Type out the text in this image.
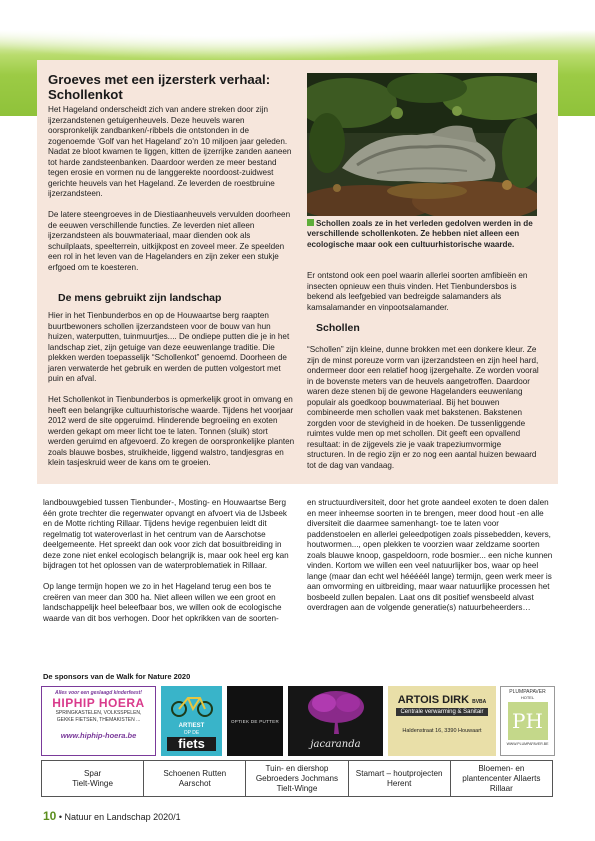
Groeves met een ijzersterk verhaal:
Schollenkot

Het Hageland onderscheidt zich van andere streken door zijn ijzerzandstenen getuigenheuvels. Deze heuvels waren oorspronkelijk zandbanken/-ribbels die ontstonden in de zogenoemde ‘Golf van het Hageland’ zo’n 10 miljoen jaar geleden. Nadat ze bloot kwamen te liggen, kitten de ijzerrijke zanden aaneen tot harde zandsteenbanken. Daardoor werden ze meer bestand tegen erosie en vormen nu de langgerekte noordoost-zuidwest gerichte heuvels van het Hageland. Ze leverden de roestbruine ijzerzandsteen.

De latere steengroeves in de Diestiaanheuvels vervulden doorheen de eeuwen verschillende functies. Ze leverden niet alleen ijzerzandsteen als bouwmateriaal, maar dienden ook als schuilplaats, speelterrein, uitkijkpost en zoveel meer. Ze speelden een rol in het leven van de Hagelanders en zijn zeker een stukje erfgoed om te koesteren.

De mens gebruikt zijn landschap

Hier in het Tienbunderbos en op de Houwaartse berg raapten buurtbewoners schollen ijzerzandsteen voor de bouw van hun huizen, waterputten, tuinmuurtjes.... De ondiepe putten die je in het landschap ziet, zijn getuige van deze eeuwenlange traditie. Die plekken werden toepasselijk “Schollenkot” genoemd. Doorheen de jaren verwaterde het gebruik en werden de putten volgestort met puin en afval.

Het Schollenkot in Tienbunderbos is opmerkelijk groot in omvang en heeft een belangrijke cultuurhistorische waarde. Tijdens het voorjaar 2012 werd de site opgeruimd. Hinderende begroeiing en exoten werden gekapt om meer licht toe te laten. Tonnen (sluik) stort werden geruimd en afgevoerd. Zo kregen de oorspronkelijke planten zoals blauwe bosbes, struikheide, liggend walstro, tandjesgras en klein tasjeskruid weer de kans om te groeien.

Schollen zoals ze in het verleden gedolven werden in de verschillende schollenkoten. Ze hebben niet alleen een ecologische maar ook een cultuurhistorische waarde.

Er ontstond ook een poel waarin allerlei soorten amfibieën en insecten opnieuw een thuis vinden. Het Tienbundersbos is bekend als leefgebied van bedreigde salamanders als kamsalamander en vinpootsalamander.

Schollen

“Schollen” zijn kleine, dunne brokken met een donkere kleur. Ze zijn de minst poreuze vorm van ijzerzandsteen en zijn heel hard, ondermeer door een relatief hoog ijzergehalte. Ze worden vooral in de bovenste meters van de heuvels aangetroffen. Daardoor waren deze stenen bij de gewone Hagelanders eeuwenlang populair als goedkoop bouwmateriaal. Bij het bouwen combineerde men schollen vaak met bakstenen. Bakstenen zorgden voor de stevigheid in de hoeken. De tussenliggende ruimtes vulde men op met schollen. Dit geeft een opvallend resultaat: in de zijgevels zie je vaak trapeziumvormige structuren. In de regio zijn er zo nog een aantal huizen bewaard tot de dag van vandaag.

landbouwgebied tussen Tienbunder-, Mosting- en Houwaartse Berg één grote trechter die regenwater opvangt en afvoert via de IJsbeek en de Motte richting Rillaar. Tijdens hevige regenbuien leidt dit regelmatig tot wateroverlast in het centrum van de Aarschotse deelgemeente. Het spreekt dan ook voor zich dat bosuitbreiding in deze zone niet enkel ecologisch belangrijk is, maar ook heel erg kan bijdragen tot het oplossen van de waterproblematiek in Rillaar.

Op lange termijn hopen we zo in het Hageland terug een bos te creëren van meer dan 300 ha. Niet alleen willen we een groot en landschappelijk heel beleefbaar bos, we willen ook de ecologische waarde van dit bos verhogen. Door het opkrikken van de soorten-

en structuurdiversiteit, door het grote aandeel exoten te doen dalen en meer inheemse soorten in te brengen, meer dood hout -en alle diversiteit die daarmee samenhangt- toe te laten voor paddenstoelen en allerlei geleedpotigen zoals pissebedden, kevers, houtwormen..., open plekken te voorzien waar zeldzame soorten zoals blauwe knoop, gaspeldoorn, rode bosmier... een niche kunnen vinden. Kortom we willen een veel natuurlijker bos, waar op heel lange (maar dan echt wel hééééél lange) termijn, geen werk meer is aan omvorming en uitbreiding, maar waar natuurlijke processen het bosbeeld zullen bepalen. Laat ons dit positief wensbeeld alvast overdragen aan de volgende generatie(s) natuurbeheerders…

De sponsors van de Walk for Nature 2020
Alles voor een geslaagd kinderfeest!
HIPHIP HOERA
SPRINGKASTELEN, VOLKSSPELEN,
GEKKE FIETSEN, THEMAKISTEN ...
www.hiphip-hoera.be
ARTIEST
OP DE
fiets
OPTIEK DE PUTTER
jacaranda
ARTOIS DIRK BVBA
Centrale verwarming & Sanitair
Haldenstraat 16, 3390 Houwaart
PLUMPAPAVER
HOTEL
PH
WWW.PLUMPAPAVER.BE
Spar
Tielt-Winge

Schoenen Rutten
Aarschot

Tuin- en diershop
Gebroeders Jochmans
Tielt-Winge

Stamart – houtprojecten
Herent

Bloemen- en
plantencenter Allaerts
Rillaar
10 • Natuur en Landschap 2020/1
